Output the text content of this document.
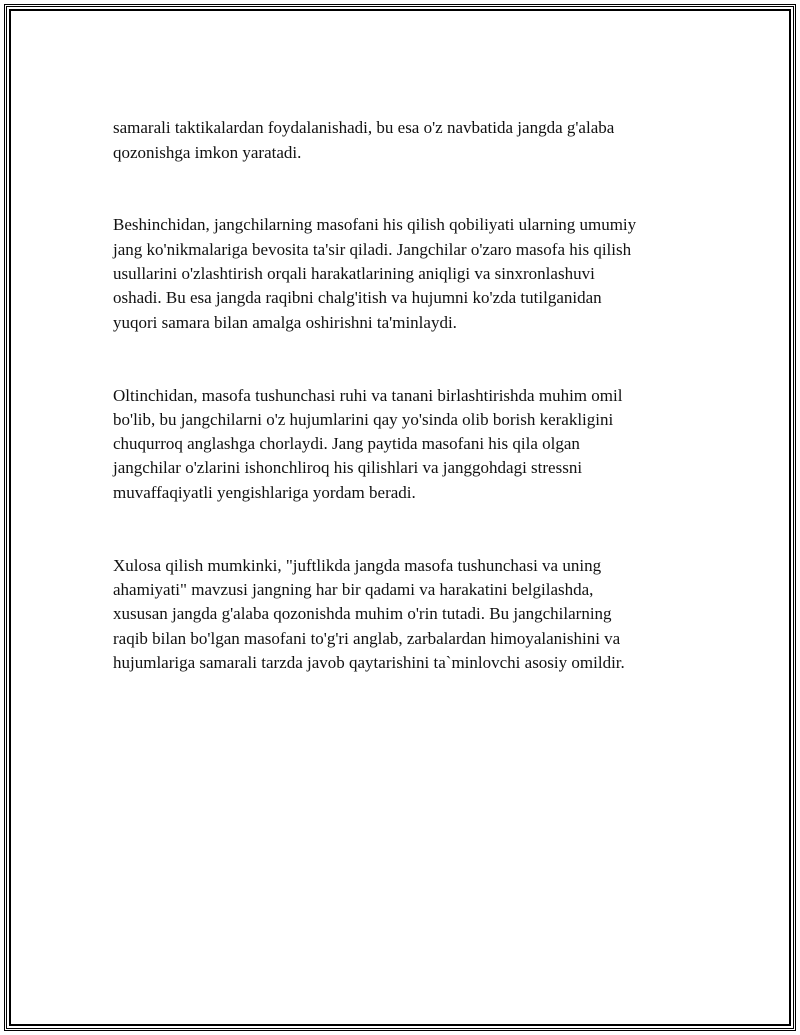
samarali taktikalardan foydalanishadi, bu esa o'z navbatida jangda g'alaba
qozonishga imkon yaratadi.

Beshinchidan, jangchilarning masofani his qilish qobiliyati ularning umumiy
jang ko'nikmalariga bevosita ta'sir qiladi. Jangchilar o'zaro masofa his qilish
usullarini o'zlashtirish orqali harakatlarining aniqligi va sinxronlashuvi
oshadi. Bu esa jangda raqibni chalg'itish va hujumni ko'zda tutilganidan
yuqori samara bilan amalga oshirishni ta'minlaydi.

Oltinchidan, masofa tushunchasi ruhi va tanani birlashtirishda muhim omil
bo'lib, bu jangchilarni o'z hujumlarini qay yo'sinda olib borish kerakligini
chuqurroq anglashga chorlaydi. Jang paytida masofani his qila olgan
jangchilar o'zlarini ishonchliroq his qilishlari va janggohdagi stressni
muvaffaqiyatli yengishlariga yordam beradi.

Xulosa qilish mumkinki, "juftlikda jangda masofa tushunchasi va uning
ahamiyati" mavzusi jangning har bir qadami va harakatini belgilashda,
xususan jangda g'alaba qozonishda muhim o'rin tutadi. Bu jangchilarning
raqib bilan bo'lgan masofani to'g'ri anglab, zarbalardan himoyalanishini va
hujumlariga samarali tarzda javob qaytarishini ta`minlovchi asosiy omildir.
